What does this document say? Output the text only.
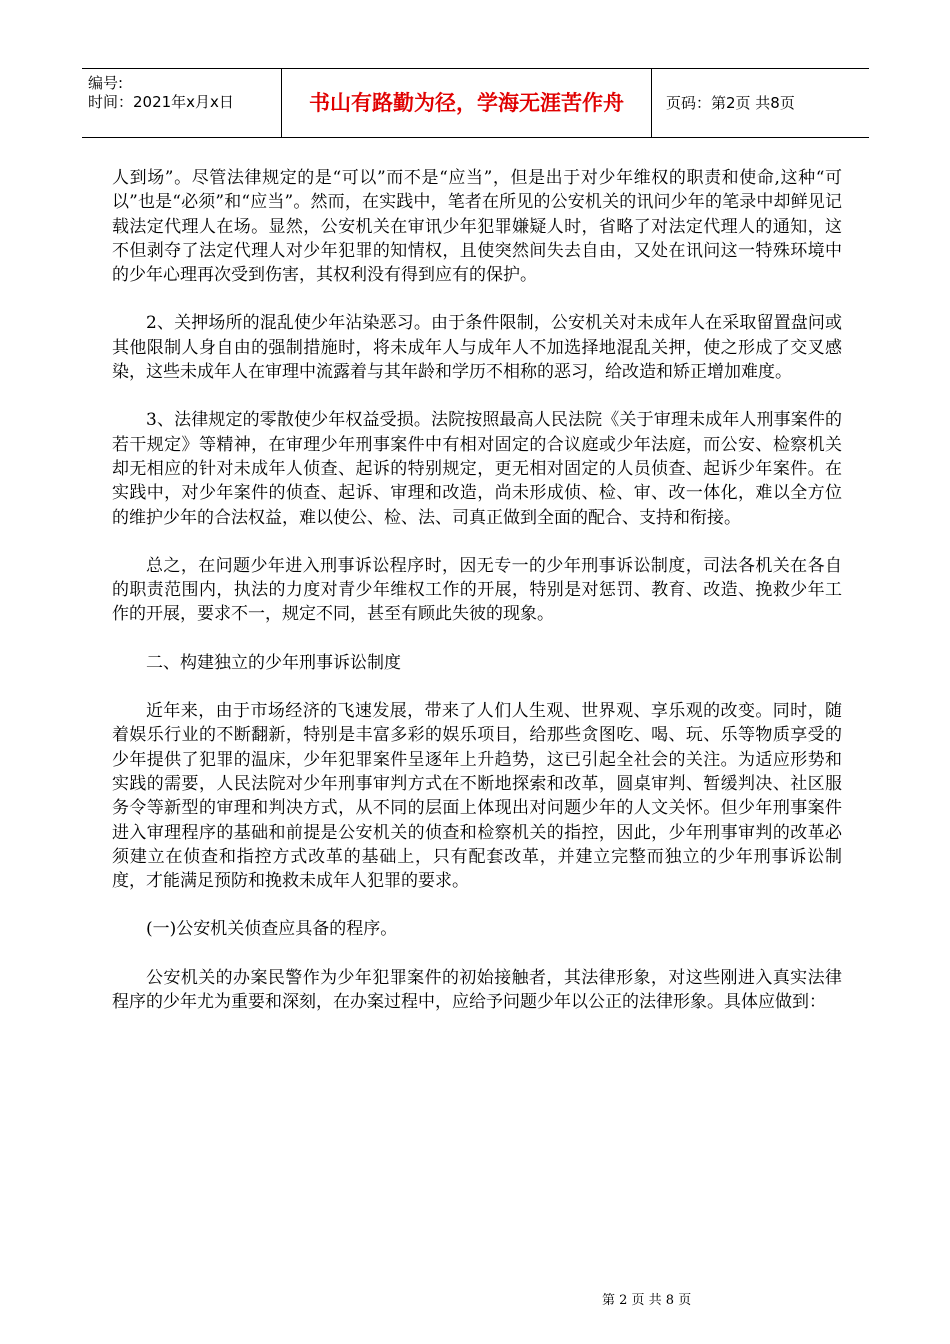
编号:
时间：2021年x月x日	书山有路勤为径，学海无涯苦作舟	页码：第2页 共8页

人到场”。尽管法律规定的是“可以”而不是“应当”，但是出于对少年维权的职责和使命,这种“可以”也是“必须”和“应当”。然而，在实践中，笔者在所见的公安机关的讯问少年的笔录中却鲜见记载法定代理人在场。显然，公安机关在审讯少年犯罪嫌疑人时，省略了对法定代理人的通知，这不但剥夺了法定代理人对少年犯罪的知情权，且使突然间失去自由，又处在讯问这一特殊环境中的少年心理再次受到伤害，其权利没有得到应有的保护。

2、关押场所的混乱使少年沾染恶习。由于条件限制，公安机关对未成年人在采取留置盘问或其他限制人身自由的强制措施时，将未成年人与成年人不加选择地混乱关押，使之形成了交叉感染，这些未成年人在审理中流露着与其年龄和学历不相称的恶习，给改造和矫正增加难度。

3、法律规定的零散使少年权益受损。法院按照最高人民法院《关于审理未成年人刑事案件的若干规定》等精神，在审理少年刑事案件中有相对固定的合议庭或少年法庭，而公安、检察机关却无相应的针对未成年人侦查、起诉的特别规定，更无相对固定的人员侦查、起诉少年案件。在实践中，对少年案件的侦查、起诉、审理和改造，尚未形成侦、检、审、改一体化，难以全方位的维护少年的合法权益，难以使公、检、法、司真正做到全面的配合、支持和衔接。

总之，在问题少年进入刑事诉讼程序时，因无专一的少年刑事诉讼制度，司法各机关在各自的职责范围内，执法的力度对青少年维权工作的开展，特别是对惩罚、教育、改造、挽救少年工作的开展，要求不一，规定不同，甚至有顾此失彼的现象。

二、构建独立的少年刑事诉讼制度

近年来，由于市场经济的飞速发展，带来了人们人生观、世界观、享乐观的改变。同时，随着娱乐行业的不断翻新，特别是丰富多彩的娱乐项目，给那些贪图吃、喝、玩、乐等物质享受的少年提供了犯罪的温床，少年犯罪案件呈逐年上升趋势，这已引起全社会的关注。为适应形势和实践的需要，人民法院对少年刑事审判方式在不断地探索和改革，圆桌审判、暂缓判决、社区服务令等新型的审理和判决方式，从不同的层面上体现出对问题少年的人文关怀。但少年刑事案件进入审理程序的基础和前提是公安机关的侦查和检察机关的指控，因此，少年刑事审判的改革必须建立在侦查和指控方式改革的基础上，只有配套改革，并建立完整而独立的少年刑事诉讼制度，才能满足预防和挽救未成年人犯罪的要求。

(一)公安机关侦查应具备的程序。

公安机关的办案民警作为少年犯罪案件的初始接触者，其法律形象，对这些刚进入真实法律程序的少年尤为重要和深刻，在办案过程中，应给予问题少年以公正的法律形象。具体应做到：

第 2 页 共 8 页
